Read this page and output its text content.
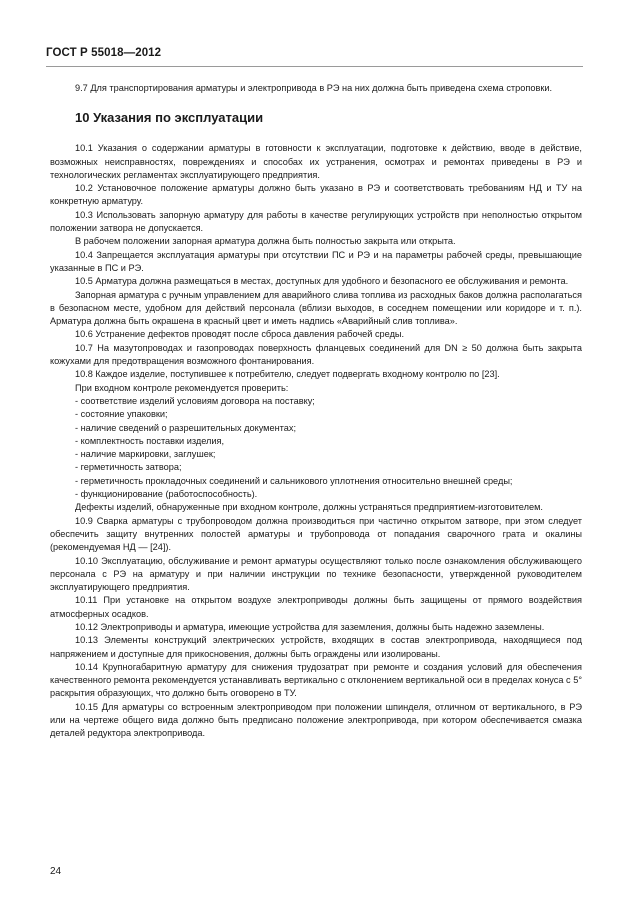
ГОСТ Р 55018—2012

9.7 Для транспортирования арматуры и электропривода в РЭ на них должна быть приведена схема строповки.

10 Указания по эксплуатации

10.1 Указания о содержании арматуры в готовности к эксплуатации, подготовке к действию, вводе в действие, возможных неисправностях, повреждениях и способах их устранения, осмотрах и ремонтах приведены в РЭ и технологических регламентах эксплуатирующего предприятия.

10.2 Установочное положение арматуры должно быть указано в РЭ и соответствовать требованиям НД и ТУ на конкретную арматуру.

10.3 Использовать запорную арматуру для работы в качестве регулирующих устройств при неполностью открытом положении затвора не допускается.

В рабочем положении запорная арматура должна быть полностью закрыта или открыта.

10.4 Запрещается эксплуатация арматуры при отсутствии ПС и РЭ и на параметры рабочей среды, превышающие указанные в ПС и РЭ.

10.5 Арматура должна размещаться в местах, доступных для удобного и безопасного ее обслуживания и ремонта.

Запорная арматура с ручным управлением для аварийного слива топлива из расходных баков должна располагаться в безопасном месте, удобном для действий персонала (вблизи выходов, в соседнем помещении или коридоре и т. п.). Арматура должна быть окрашена в красный цвет и иметь надпись «Аварийный слив топлива».

10.6 Устранение дефектов проводят после сброса давления рабочей среды.

10.7 На мазутопроводах и газопроводах поверхность фланцевых соединений для DN ≥ 50 должна быть закрыта кожухами для предотвращения возможного фонтанирования.

10.8 Каждое изделие, поступившее к потребителю, следует подвергать входному контролю по [23].

При входном контроле рекомендуется проверить:

- соответствие изделий условиям договора на поставку;

- состояние упаковки;

- наличие сведений о разрешительных документах;

- комплектность поставки изделия,

- наличие маркировки, заглушек;

- герметичность затвора;

- герметичность прокладочных соединений и сальникового уплотнения относительно внешней среды;

- функционирование (работоспособность).

Дефекты изделий, обнаруженные при входном контроле, должны устраняться предприятием-изготовителем.

10.9 Сварка арматуры с трубопроводом должна производиться при частично открытом затворе, при этом следует обеспечить защиту внутренних полостей арматуры и трубопровода от попадания сварочного грата и окалины (рекомендуемая НД — [24]).

10.10 Эксплуатацию, обслуживание и ремонт арматуры осуществляют только после ознакомления обслуживающего персонала с РЭ на арматуру и при наличии инструкции по технике безопасности, утвержденной руководителем эксплуатирующего предприятия.

10.11 При установке на открытом воздухе электроприводы должны быть защищены от прямого воздействия атмосферных осадков.

10.12 Электроприводы и арматура, имеющие устройства для заземления, должны быть надежно заземлены.

10.13 Элементы конструкций электрических устройств, входящих в состав электропривода, находящиеся под напряжением и доступные для прикосновения, должны быть ограждены или изолированы.

10.14 Крупногабаритную арматуру для снижения трудозатрат при ремонте и создания условий для обеспечения качественного ремонта рекомендуется устанавливать вертикально с отклонением вертикальной оси в пределах конуса с 5° раскрытия образующих, что должно быть оговорено в ТУ.

10.15 Для арматуры со встроенным электроприводом при положении шпинделя, отличном от вертикального, в РЭ или на чертеже общего вида должно быть предписано положение электропривода, при котором обеспечивается смазка деталей редуктора электропривода.

24
